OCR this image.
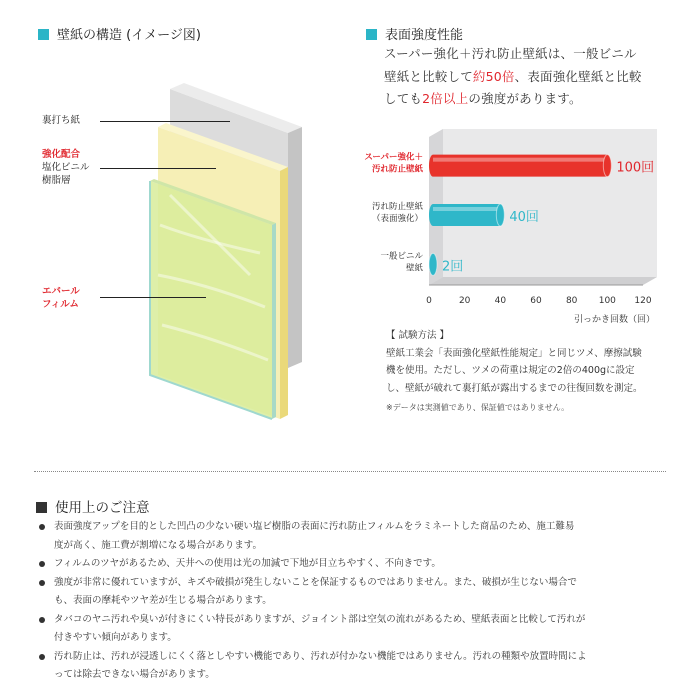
壁紙の構造 (イメージ図)
裏打ち紙
強化配合
塩化ビニル
樹脂層
エバール
フィルム
表面強度性能
スーパー強化＋汚れ防止壁紙は、一般ビニル
壁紙と比較して約50倍、表面強化壁紙と比較
しても2倍以上の強度があります。
0	20	40	60	80 100 120
引っかき回数（回）
100回
スーパー強化＋
汚れ防止壁紙
40回
汚れ防止壁紙
（表面強化）
2回
一般ビニル
壁紙
【 試験方法 】
壁紙工業会「表面強化壁紙性能規定」と同じツメ、摩擦試験
機を使用。ただし、ツメの荷重は規定の2倍の400gに設定
し、壁紙が破れて裏打紙が露出するまでの往復回数を測定。
※データは実測値であり、保証値ではありません。
使用上のご注意
表面強度アップを目的とした凹凸の少ない硬い塩ビ樹脂の表面に汚れ防止フィルムをラミネートした商品のため、施工難易
度が高く、施工費が割増になる場合があります。
フィルムのツヤがあるため、天井への使用は光の加減で下地が目立ちやすく、不向きです。
強度が非常に優れていますが、キズや破損が発生しないことを保証するものではありません。また、破損が生じない場合で
も、表面の摩耗やツヤ差が生じる場合があります。
タバコのヤニ汚れや臭いが付きにくい特長がありますが、ジョイント部は空気の流れがあるため、壁紙表面と比較して汚れが
付きやすい傾向があります。
汚れ防止は、汚れが浸透しにくく落としやすい機能であり、汚れが付かない機能ではありません。汚れの種類や放置時間によ
っては除去できない場合があります。
